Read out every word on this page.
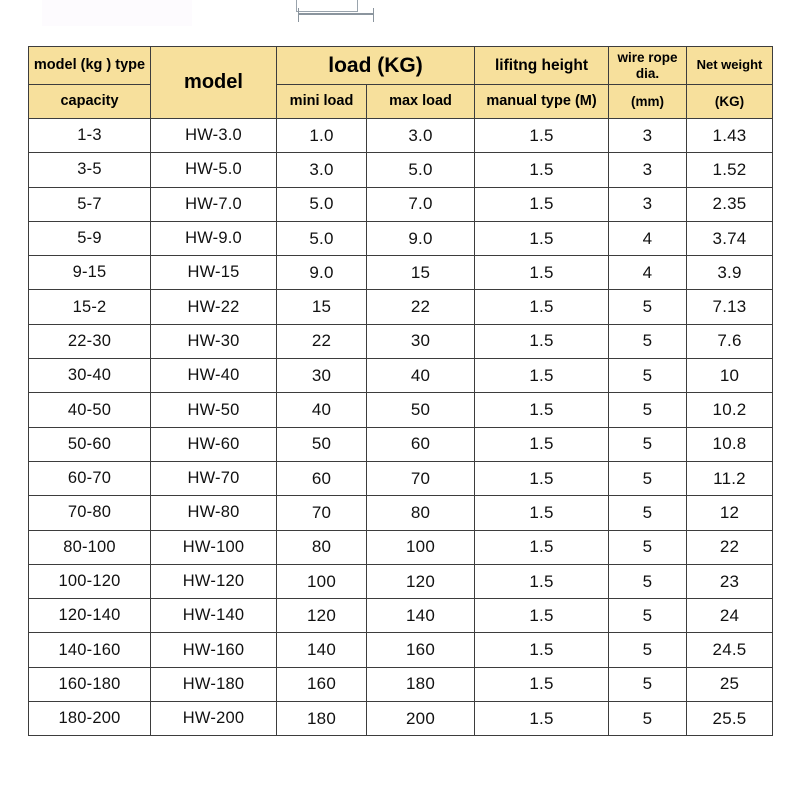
model (kg ) type	model	load (KG)		lifitng height	wire rope dia.	Net weight
capacity		mini load	max load	manual type (M)	(mm)	(KG)
1-3	HW-3.0	1.0	3.0	1.5	3	1.43
3-5	HW-5.0	3.0	5.0	1.5	3	1.52
5-7	HW-7.0	5.0	7.0	1.5	3	2.35
5-9	HW-9.0	5.0	9.0	1.5	4	3.74
9-15	HW-15	9.0	15	1.5	4	3.9
15-2	HW-22	15	22	1.5	5	7.13
22-30	HW-30	22	30	1.5	5	7.6
30-40	HW-40	30	40	1.5	5	10
40-50	HW-50	40	50	1.5	5	10.2
50-60	HW-60	50	60	1.5	5	10.8
60-70	HW-70	60	70	1.5	5	11.2
70-80	HW-80	70	80	1.5	5	12
80-100	HW-100	80	100	1.5	5	22
100-120	HW-120	100	120	1.5	5	23
120-140	HW-140	120	140	1.5	5	24
140-160	HW-160	140	160	1.5	5	24.5
160-180	HW-180	160	180	1.5	5	25
180-200	HW-200	180	200	1.5	5	25.5
